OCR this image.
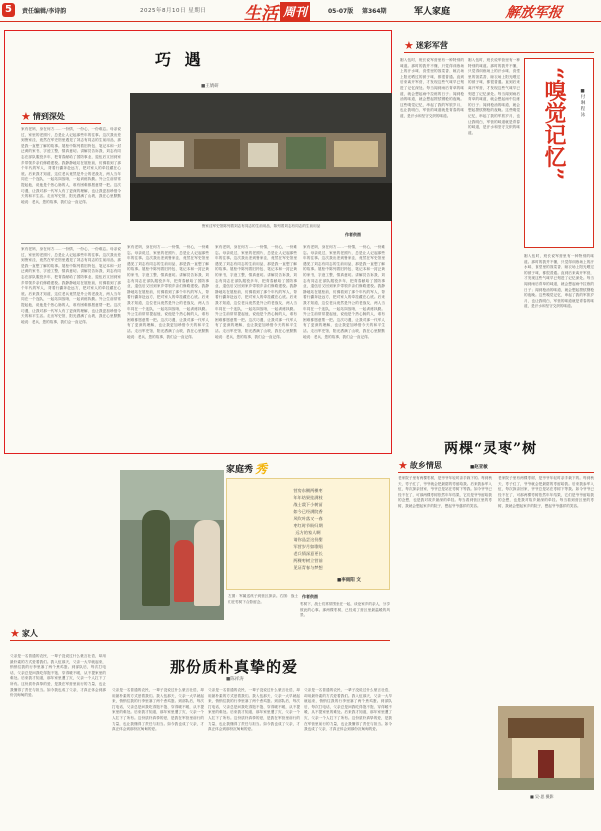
5	责任编辑/李诗韵	2025年8月10日 星期日 生活 周刊	05-07版 第364期	军人家庭	解放军报
巧 遇
■王婧研
鲁家洼军史馆陈列着刘志有同志的生前用品，陈列着刘志有同志的生前用品
作者供图
★ 情到深处
家有老妈，身在何方……一份情，一份心，一份难忘。母亲说过，家里的老照片，总是让人记起那些年的往事。这次我出差到鲁家洼，竟然在军史馆里遇见了刘志有同志的生前用品，那是我一直想了解的故事。展柜中陈列着旧挎包、笔记本和一封泛黄的家书，字迹工整，情真意切。讲解员告诉我，刘志有同志在部队服役多年，把青春献给了国防事业，退伍后又回到家乡带领乡亲们修路建校。我静静地站在展柜前，仿佛看到了那个年代的军人，背着行囊奔赴远方，把对家人的牵挂藏在心底。后来我才知道，这位老兵竟然是外公的老战友，两人当年同在一个连队，一起站岗放哨，一起训练执勤。外公生前常常提起他，说他是个热心肠的人，谁有困难都愿意帮一把。这次巧遇，让我对那一代军人有了更深的理解，也让我更加珍惜今天的和平生活。走出军史馆，阳光洒满了山坡，我在心里默默地说：老兵，您的故事，我们会一直记得。
家有老妈，身在何方……一份情，一份心，一份难忘。母亲说过，家里的老照片，总是让人记起那些年的往事。这次我出差到鲁家洼，竟然在军史馆里遇见了刘志有同志的生前用品，那是我一直想了解的故事。展柜中陈列着旧挎包、笔记本和一封泛黄的家书，字迹工整，情真意切。讲解员告诉我，刘志有同志在部队服役多年，把青春献给了国防事业，退伍后又回到家乡带领乡亲们修路建校。我静静地站在展柜前，仿佛看到了那个年代的军人，背着行囊奔赴远方，把对家人的牵挂藏在心底。后来我才知道，这位老兵竟然是外公的老战友，两人当年同在一个连队，一起站岗放哨，一起训练执勤。外公生前常常提起他，说他是个热心肠的人，谁有困难都愿意帮一把。这次巧遇，让我对那一代军人有了更深的理解，也让我更加珍惜今天的和平生活。走出军史馆，阳光洒满了山坡，我在心里默默地说：老兵，您的故事，我们会一直记得。
家有老妈，身在何方……一份情，一份心，一份难忘。母亲说过，家里的老照片，总是让人记起那些年的往事。这次我出差到鲁家洼，竟然在军史馆里遇见了刘志有同志的生前用品，那是我一直想了解的故事。展柜中陈列着旧挎包、笔记本和一封泛黄的家书，字迹工整，情真意切。讲解员告诉我，刘志有同志在部队服役多年，把青春献给了国防事业，退伍后又回到家乡带领乡亲们修路建校。我静静地站在展柜前，仿佛看到了那个年代的军人，背着行囊奔赴远方，把对家人的牵挂藏在心底。后来我才知道，这位老兵竟然是外公的老战友，两人当年同在一个连队，一起站岗放哨，一起训练执勤。外公生前常常提起他，说他是个热心肠的人，谁有困难都愿意帮一把。这次巧遇，让我对那一代军人有了更深的理解，也让我更加珍惜今天的和平生活。走出军史馆，阳光洒满了山坡，我在心里默默地说：老兵，您的故事，我们会一直记得。
家有老妈，身在何方……一份情，一份心，一份难忘。母亲说过，家里的老照片，总是让人记起那些年的往事。这次我出差到鲁家洼，竟然在军史馆里遇见了刘志有同志的生前用品，那是我一直想了解的故事。展柜中陈列着旧挎包、笔记本和一封泛黄的家书，字迹工整，情真意切。讲解员告诉我，刘志有同志在部队服役多年，把青春献给了国防事业，退伍后又回到家乡带领乡亲们修路建校。我静静地站在展柜前，仿佛看到了那个年代的军人，背着行囊奔赴远方，把对家人的牵挂藏在心底。后来我才知道，这位老兵竟然是外公的老战友，两人当年同在一个连队，一起站岗放哨，一起训练执勤。外公生前常常提起他，说他是个热心肠的人，谁有困难都愿意帮一把。这次巧遇，让我对那一代军人有了更深的理解，也让我更加珍惜今天的和平生活。走出军史馆，阳光洒满了山坡，我在心里默默地说：老兵，您的故事，我们会一直记得。
家有老妈，身在何方……一份情，一份心，一份难忘。母亲说过，家里的老照片，总是让人记起那些年的往事。这次我出差到鲁家洼，竟然在军史馆里遇见了刘志有同志的生前用品，那是我一直想了解的故事。展柜中陈列着旧挎包、笔记本和一封泛黄的家书，字迹工整，情真意切。讲解员告诉我，刘志有同志在部队服役多年，把青春献给了国防事业，退伍后又回到家乡带领乡亲们修路建校。我静静地站在展柜前，仿佛看到了那个年代的军人，背着行囊奔赴远方，把对家人的牵挂藏在心底。后来我才知道，这位老兵竟然是外公的老战友，两人当年同在一个连队，一起站岗放哨，一起训练执勤。外公生前常常提起他，说他是个热心肠的人，谁有困难都愿意帮一把。这次巧遇，让我对那一代军人有了更深的理解，也让我更加珍惜今天的和平生活。走出军史馆，阳光洒满了山坡，我在心里默默地说：老兵，您的故事，我们会一直记得。
★ 迷彩军营
刚入伍时，班长说军营里有一种特别的味道。那时的我并不懂，只觉得训练场上的汗水味、食堂里的饭菜香、晾衣场上阳光晒过的被子味，都很普通。直到后来离开军营，才发现这些气味早已刻进了记忆深处。每当闻到雨后青草的味道，就会想起雨中拉练的日子；闻到枪油的味道，就会想起擦拭钢枪的夜晚。这些嗅觉记忆，串起了我的军旅岁月，也让我明白，军营的味道就是青春的味道，是汗水和坚守交织的味道。
刚入伍时，班长说军营里有一种特别的味道。那时的我并不懂，只觉得训练场上的汗水味、食堂里的饭菜香、晾衣场上阳光晒过的被子味，都很普通。直到后来离开军营，才发现这些气味早已刻进了记忆深处。每当闻到雨后青草的味道，就会想起雨中拉练的日子；闻到枪油的味道，就会想起擦拭钢枪的夜晚。这些嗅觉记忆，串起了我的军旅岁月，也让我明白，军营的味道就是青春的味道，是汗水和坚守交织的味道。	“嗅觉记忆”	■付 琳 程 泳
刚入伍时，班长说军营里有一种特别的味道。那时的我并不懂，只觉得训练场上的汗水味、食堂里的饭菜香、晾衣场上阳光晒过的被子味，都很普通。直到后来离开军营，才发现这些气味早已刻进了记忆深处。每当闻到雨后青草的味道，就会想起雨中拉练的日子；闻到枪油的味道，就会想起擦拭钢枪的夜晚。这些嗅觉记忆，串起了我的军旅岁月，也让我明白，军营的味道就是青春的味道，是汗水和坚守交织的味道。
两棵“灵枣”树
家庭秀 秀
营房东侧两棵枣
年年结果挂满枝
战士栽下小树苗
如今已经满院香
风吹叶落又一春
枣红时节盼归期
远方的家人啊
请你品尝这份甜
军营岁月如歌唱
老兵情深意更长
两棵枣树立营前
见证青春与梦想
■李雨阳 文
左图：军属送孩子到营区探亲。右图：战士们在枣树下合影留念。
作者供图
枣树下，战士们常常围坐在一起，谈论家乡的亲人，分享彼此的心事。那两棵枣树，已经成了营区里最温暖的风景。
★ 故乡情思	■赵亚敏
老家院子里有两棵枣树，是爷爷年轻时亲手栽下的。每到秋天，枣子红了，爷爷就会把最甜的枣留给我。后来我参军入伍，每次探亲回家，爷爷总是站在枣树下等我。如今爷爷已经不在了，可那两棵枣树依然年年结果，它们是爷爷留给我的念想，也是我对故乡最深的牵挂。每当看到营区里的枣树，我就会想起家乡的院子，想起爷爷慈祥的笑容。
老家院子里有两棵枣树，是爷爷年轻时亲手栽下的。每到秋天，枣子红了，爷爷就会把最甜的枣留给我。后来我参军入伍，每次探亲回家，爷爷总是站在枣树下等我。如今爷爷已经不在了，可那两棵枣树依然年年结果，它们是爷爷留给我的念想，也是我对故乡最深的牵挂。每当看到营区里的枣树，我就会想起家乡的院子，想起爷爷慈祥的笑容。
■ 吴·思 摄影
★ 家人
那份质朴真挚的爱
■陈祥涛
父亲是一名普通的农民，一辈子没说过什么豪言壮语，却用最朴素的方式爱着我们。我入伍那天，父亲一大早就起来，悄悄往我的行李里塞了两个煮鸡蛋。到部队后，每次打电话，父亲总是问我吃得饱不饱、穿得暖不暖，从不提家里的难处。后来我才知道，那年家里遭了灾，父亲一个人扛下了所有。这份质朴真挚的爱，是我在军营里前行的力量，也让我懂得了责任与担当。如今我也成了父亲，才真正体会到那份沉甸甸的爱。
父亲是一名普通的农民，一辈子没说过什么豪言壮语，却用最朴素的方式爱着我们。我入伍那天，父亲一大早就起来，悄悄往我的行李里塞了两个煮鸡蛋。到部队后，每次打电话，父亲总是问我吃得饱不饱、穿得暖不暖，从不提家里的难处。后来我才知道，那年家里遭了灾，父亲一个人扛下了所有。这份质朴真挚的爱，是我在军营里前行的力量，也让我懂得了责任与担当。如今我也成了父亲，才真正体会到那份沉甸甸的爱。
父亲是一名普通的农民，一辈子没说过什么豪言壮语，却用最朴素的方式爱着我们。我入伍那天，父亲一大早就起来，悄悄往我的行李里塞了两个煮鸡蛋。到部队后，每次打电话，父亲总是问我吃得饱不饱、穿得暖不暖，从不提家里的难处。后来我才知道，那年家里遭了灾，父亲一个人扛下了所有。这份质朴真挚的爱，是我在军营里前行的力量，也让我懂得了责任与担当。如今我也成了父亲，才真正体会到那份沉甸甸的爱。
父亲是一名普通的农民，一辈子没说过什么豪言壮语，却用最朴素的方式爱着我们。我入伍那天，父亲一大早就起来，悄悄往我的行李里塞了两个煮鸡蛋。到部队后，每次打电话，父亲总是问我吃得饱不饱、穿得暖不暖，从不提家里的难处。后来我才知道，那年家里遭了灾，父亲一个人扛下了所有。这份质朴真挚的爱，是我在军营里前行的力量，也让我懂得了责任与担当。如今我也成了父亲，才真正体会到那份沉甸甸的爱。
